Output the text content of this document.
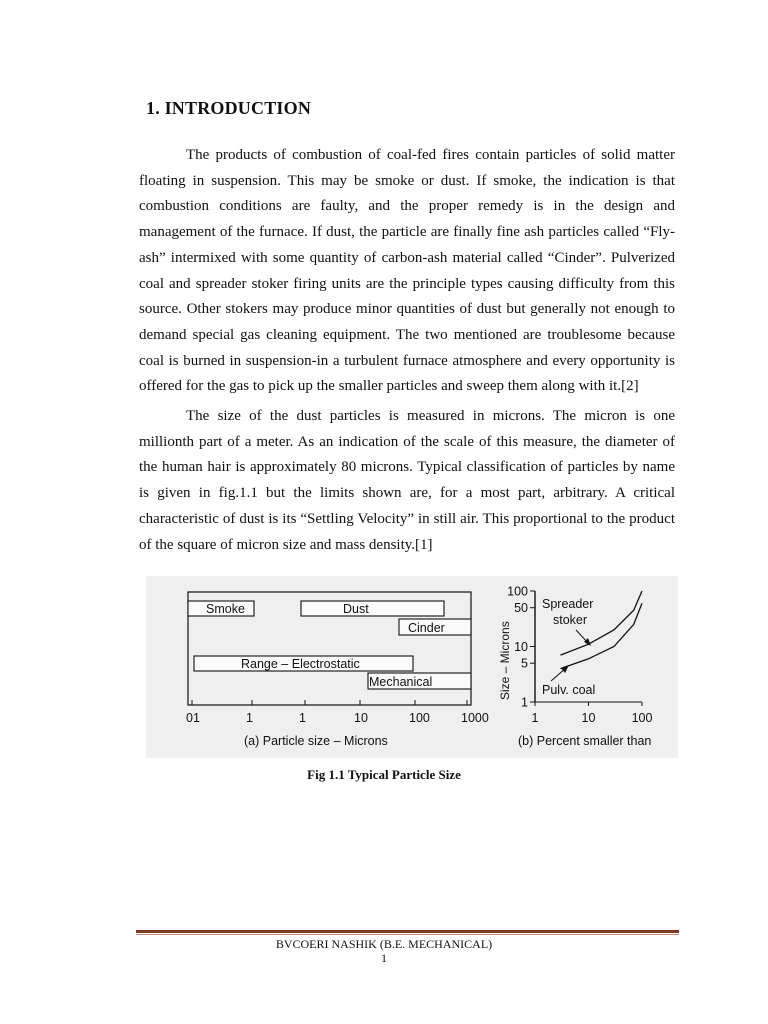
1. INTRODUCTION

The products of combustion of coal-fed fires contain particles of solid matter floating in suspension. This may be smoke or dust. If smoke, the indication is that combustion conditions are faulty, and the proper remedy is in the design and management of the furnace. If dust, the particle are finally fine ash particles called “Fly-ash” intermixed with some quantity of carbon-ash material called “Cinder”. Pulverized coal and spreader stoker firing units are the principle types causing difficulty from this source. Other stokers may produce minor quantities of dust but generally not enough to demand special gas cleaning equipment. The two mentioned are troublesome because coal is burned in suspension-in a turbulent furnace atmosphere and every opportunity is offered for the gas to pick up the smaller particles and sweep them along with it.[2]

The size of the dust particles is measured in microns. The micron is one millionth part of a meter. As an indication of the scale of this measure, the diameter of the human hair is approximately 80 microns. Typical classification of particles by name is given in fig.1.1 but the limits shown are, for a most part, arbitrary. A critical characteristic of dust is its “Settling Velocity” in still air. This proportional to the product of the square of micron size and mass density.[1]

Smoke	Dust
Cinder
Range – Electrostatic
Mechanical
01	1	1	10	100 1000
(a) Particle size – Microns
Size – Microns
100
50
10
5
1
1	10	100
Spreader
stoker
Pulv. coal
(b) Percent smaller than
Fig 1.1 Typical Particle Size
BVCOERI NASHIK (B.E. MECHANICAL)
1
